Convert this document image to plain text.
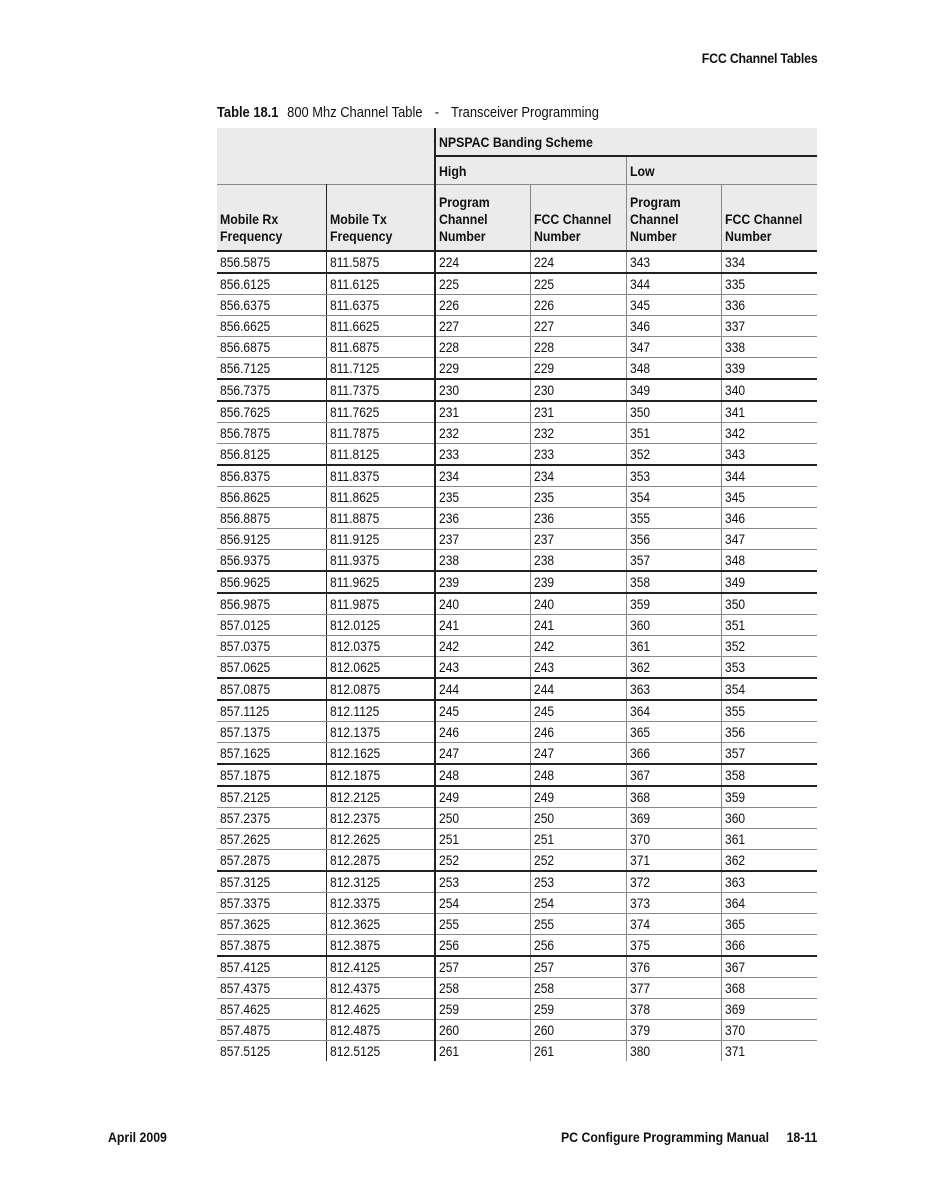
FCC Channel Tables
Table 18.1 800 Mhz Channel Table - Transceiver Programming
		NPSPAC Banding Scheme			
		High		Low	
Mobile Rx Frequency	Mobile Tx Frequency	Program Channel Number	FCC Channel Number	Program Channel Number	FCC Channel Number
856.5875	811.5875	224	224	343	334
856.6125	811.6125	225	225	344	335
856.6375	811.6375	226	226	345	336
856.6625	811.6625	227	227	346	337
856.6875	811.6875	228	228	347	338
856.7125	811.7125	229	229	348	339
856.7375	811.7375	230	230	349	340
856.7625	811.7625	231	231	350	341
856.7875	811.7875	232	232	351	342
856.8125	811.8125	233	233	352	343
856.8375	811.8375	234	234	353	344
856.8625	811.8625	235	235	354	345
856.8875	811.8875	236	236	355	346
856.9125	811.9125	237	237	356	347
856.9375	811.9375	238	238	357	348
856.9625	811.9625	239	239	358	349
856.9875	811.9875	240	240	359	350
857.0125	812.0125	241	241	360	351
857.0375	812.0375	242	242	361	352
857.0625	812.0625	243	243	362	353
857.0875	812.0875	244	244	363	354
857.1125	812.1125	245	245	364	355
857.1375	812.1375	246	246	365	356
857.1625	812.1625	247	247	366	357
857.1875	812.1875	248	248	367	358
857.2125	812.2125	249	249	368	359
857.2375	812.2375	250	250	369	360
857.2625	812.2625	251	251	370	361
857.2875	812.2875	252	252	371	362
857.3125	812.3125	253	253	372	363
857.3375	812.3375	254	254	373	364
857.3625	812.3625	255	255	374	365
857.3875	812.3875	256	256	375	366
857.4125	812.4125	257	257	376	367
857.4375	812.4375	258	258	377	368
857.4625	812.4625	259	259	378	369
857.4875	812.4875	260	260	379	370
857.5125	812.5125	261	261	380	371
April 2009	PC Configure Programming Manual 18-11
